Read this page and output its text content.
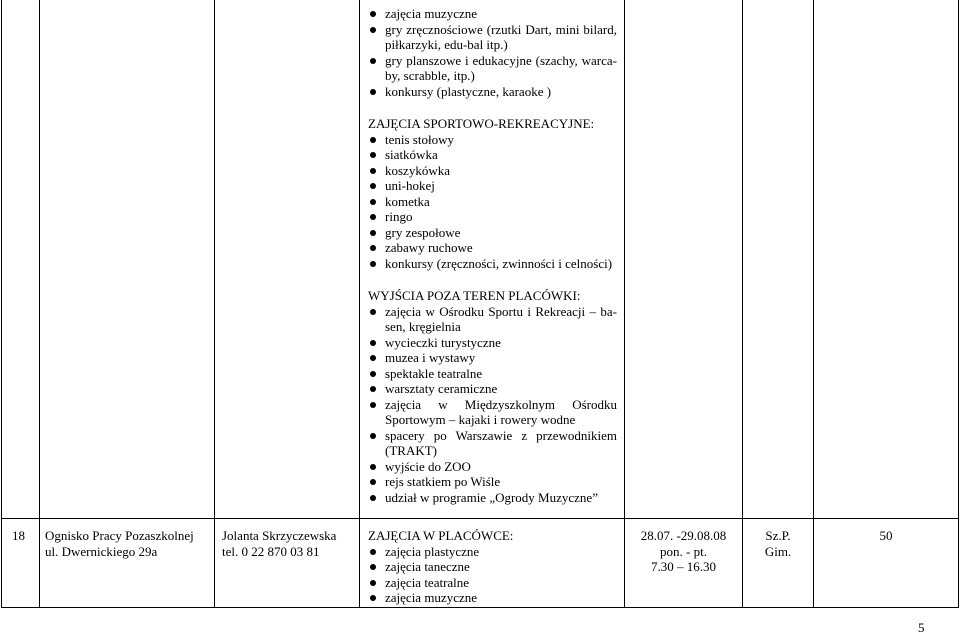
zajęcia muzyczne
gry zręcznościowe (rzutki Dart, mini bilard, piłkarzyki, edu-bal itp.)
gry planszowe i edukacyjne (szachy, warcaby, scrabble, itp.)
konkursy (plastyczne, karaoke )
ZAJĘCIA SPORTOWO-REKREACYJNE:
tenis stołowy
siatkówka
koszykówka
uni-hokej
kometka
ringo
gry zespołowe
zabawy ruchowe
konkursy (zręczności, zwinności i celności)
WYJŚCIA POZA TEREN PLACÓWKI:
zajęcia w Ośrodku Sportu i Rekreacji – basen, kręgielnia
wycieczki turystyczne
muzea i wystawy
spektakle teatralne
warsztaty ceramiczne
zajęcia w Międzyszkolnym Ośrodku Sportowym – kajaki i rowery wodne
spacery po Warszawie z przewodnikiem (TRAKT)
wyjście do ZOO
rejs statkiem po Wiśle
udział w programie „Ogrody Muzyczne”
18 Ognisko Pracy Pozaszkolnej
ul. Dwernickiego 29a
Jolanta Skrzyczewska
tel. 0 22 870 03 81
ZAJĘCIA W PLACÓWCE:
zajęcia plastyczne
zajęcia taneczne
zajęcia teatralne
zajęcia muzyczne
28.07. -29.08.08
pon. - pt.
7.30 – 16.30
Sz.P.
Gim.
50
5
